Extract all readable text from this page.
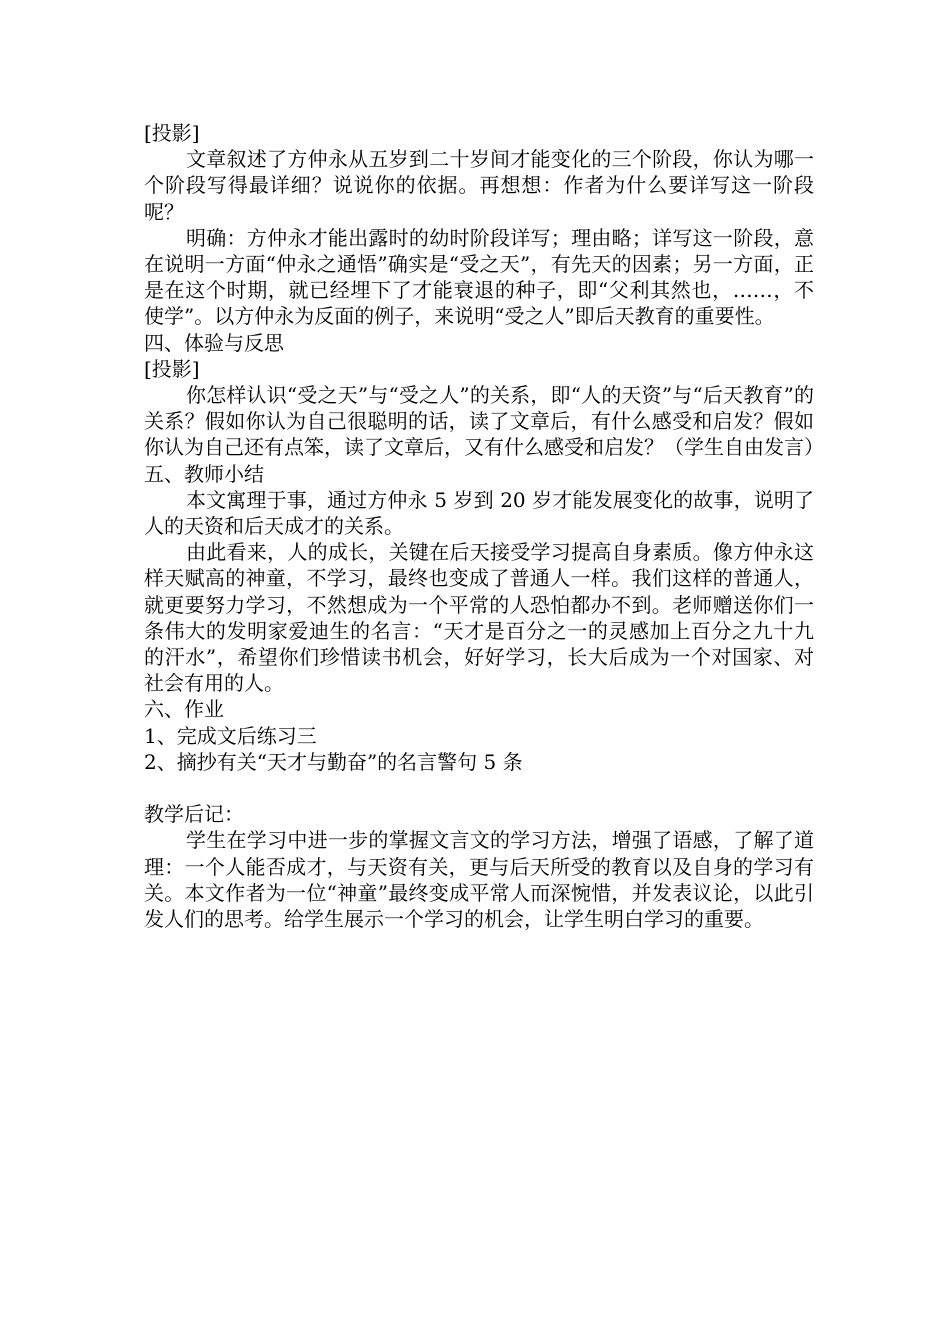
[投影]

文章叙述了方仲永从五岁到二十岁间才能变化的三个阶段，你认为哪一个阶段写得最详细？说说你的依据。再想想：作者为什么要详写这一阶段呢？

明确：方仲永才能出露时的幼时阶段详写；理由略；详写这一阶段，意在说明一方面“仲永之通悟”确实是“受之天”，有先天的因素；另一方面，正是在这个时期，就已经埋下了才能衰退的种子，即“父利其然也，……，不使学”。以方仲永为反面的例子，来说明“受之人”即后天教育的重要性。

四、体验与反思

[投影]

你怎样认识“受之天”与“受之人”的关系，即“人的天资”与“后天教育”的关系？假如你认为自己很聪明的话，读了文章后，有什么感受和启发？假如你认为自己还有点笨，读了文章后，又有什么感受和启发？（学生自由发言）

五、教师小结

本文寓理于事，通过方仲永 5 岁到 20 岁才能发展变化的故事，说明了人的天资和后天成才的关系。

由此看来，人的成长，关键在后天接受学习提高自身素质。像方仲永这样天赋高的神童，不学习，最终也变成了普通人一样。我们这样的普通人，就更要努力学习，不然想成为一个平常的人恐怕都办不到。老师赠送你们一条伟大的发明家爱迪生的名言：“天才是百分之一的灵感加上百分之九十九的汗水”，希望你们珍惜读书机会，好好学习，长大后成为一个对国家、对社会有用的人。

六、作业

1、完成文后练习三

2、摘抄有关“天才与勤奋”的名言警句 5 条

教学后记：

学生在学习中进一步的掌握文言文的学习方法，增强了语感，了解了道理：一个人能否成才，与天资有关，更与后天所受的教育以及自身的学习有关。本文作者为一位“神童”最终变成平常人而深惋惜，并发表议论，以此引发人们的思考。给学生展示一个学习的机会，让学生明白学习的重要。
